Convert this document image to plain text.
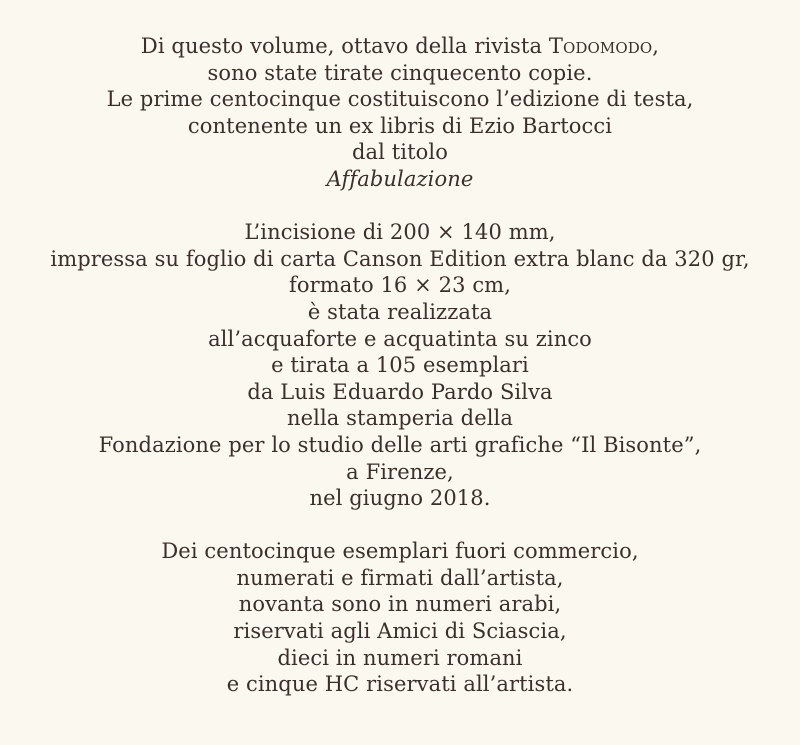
Di questo volume, ottavo della rivista Todomodo,
sono state tirate cinquecento copie.
Le prime centocinque costituiscono l’edizione di testa,
contenente un ex libris di Ezio Bartocci
dal titolo
Affabulazione
L’incisione di 200 × 140 mm,
impressa su foglio di carta Canson Edition extra blanc da 320 gr,
formato 16 × 23 cm,
è stata realizzata
all’acquaforte e acquatinta su zinco
e tirata a 105 esemplari
da Luis Eduardo Pardo Silva
nella stamperia della
Fondazione per lo studio delle arti grafiche “Il Bisonte”,
a Firenze,
nel giugno 2018.
Dei centocinque esemplari fuori commercio,
numerati e firmati dall’artista,
novanta sono in numeri arabi,
riservati agli Amici di Sciascia,
dieci in numeri romani
e cinque HC riservati all’artista.
